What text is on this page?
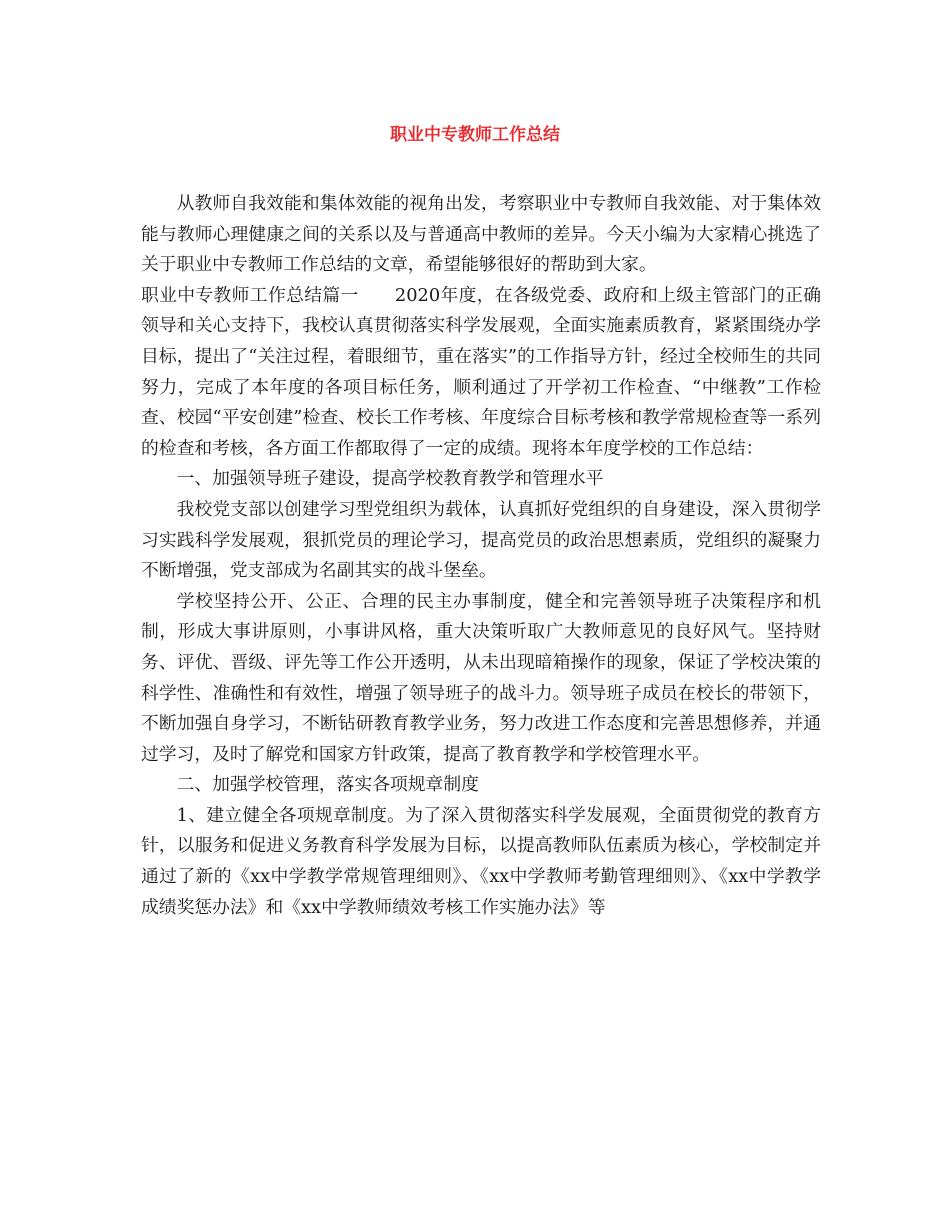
职业中专教师工作总结

从教师自我效能和集体效能的视角出发，考察职业中专教师自我效能、对于集体效能与教师心理健康之间的关系以及与普通高中教师的差异。今天小编为大家精心挑选了关于职业中专教师工作总结的文章，希望能够很好的帮助到大家。

职业中专教师工作总结篇一　　2020年度，在各级党委、政府和上级主管部门的正确领导和关心支持下，我校认真贯彻落实科学发展观，全面实施素质教育，紧紧围绕办学目标，提出了“关注过程，着眼细节，重在落实”的工作指导方针，经过全校师生的共同努力，完成了本年度的各项目标任务，顺利通过了开学初工作检查、“中继教”工作检查、校园“平安创建”检查、校长工作考核、年度综合目标考核和教学常规检查等一系列的检查和考核，各方面工作都取得了一定的成绩。现将本年度学校的工作总结：

一、加强领导班子建设，提高学校教育教学和管理水平

我校党支部以创建学习型党组织为载体，认真抓好党组织的自身建设，深入贯彻学习实践科学发展观，狠抓党员的理论学习，提高党员的政治思想素质，党组织的凝聚力不断增强，党支部成为名副其实的战斗堡垒。

学校坚持公开、公正、合理的民主办事制度，健全和完善领导班子决策程序和机制，形成大事讲原则，小事讲风格，重大决策听取广大教师意见的良好风气。坚持财务、评优、晋级、评先等工作公开透明，从未出现暗箱操作的现象，保证了学校决策的科学性、准确性和有效性，增强了领导班子的战斗力。领导班子成员在校长的带领下，不断加强自身学习，不断钻研教育教学业务，努力改进工作态度和完善思想修养，并通过学习，及时了解党和国家方针政策，提高了教育教学和学校管理水平。

二、加强学校管理，落实各项规章制度

1、建立健全各项规章制度。为了深入贯彻落实科学发展观，全面贯彻党的教育方针，以服务和促进义务教育科学发展为目标，以提高教师队伍素质为核心，学校制定并通过了新的《xx中学教学常规管理细则》、《xx中学教师考勤管理细则》、《xx中学教学成绩奖惩办法》和《xx中学教师绩效考核工作实施办法》等
